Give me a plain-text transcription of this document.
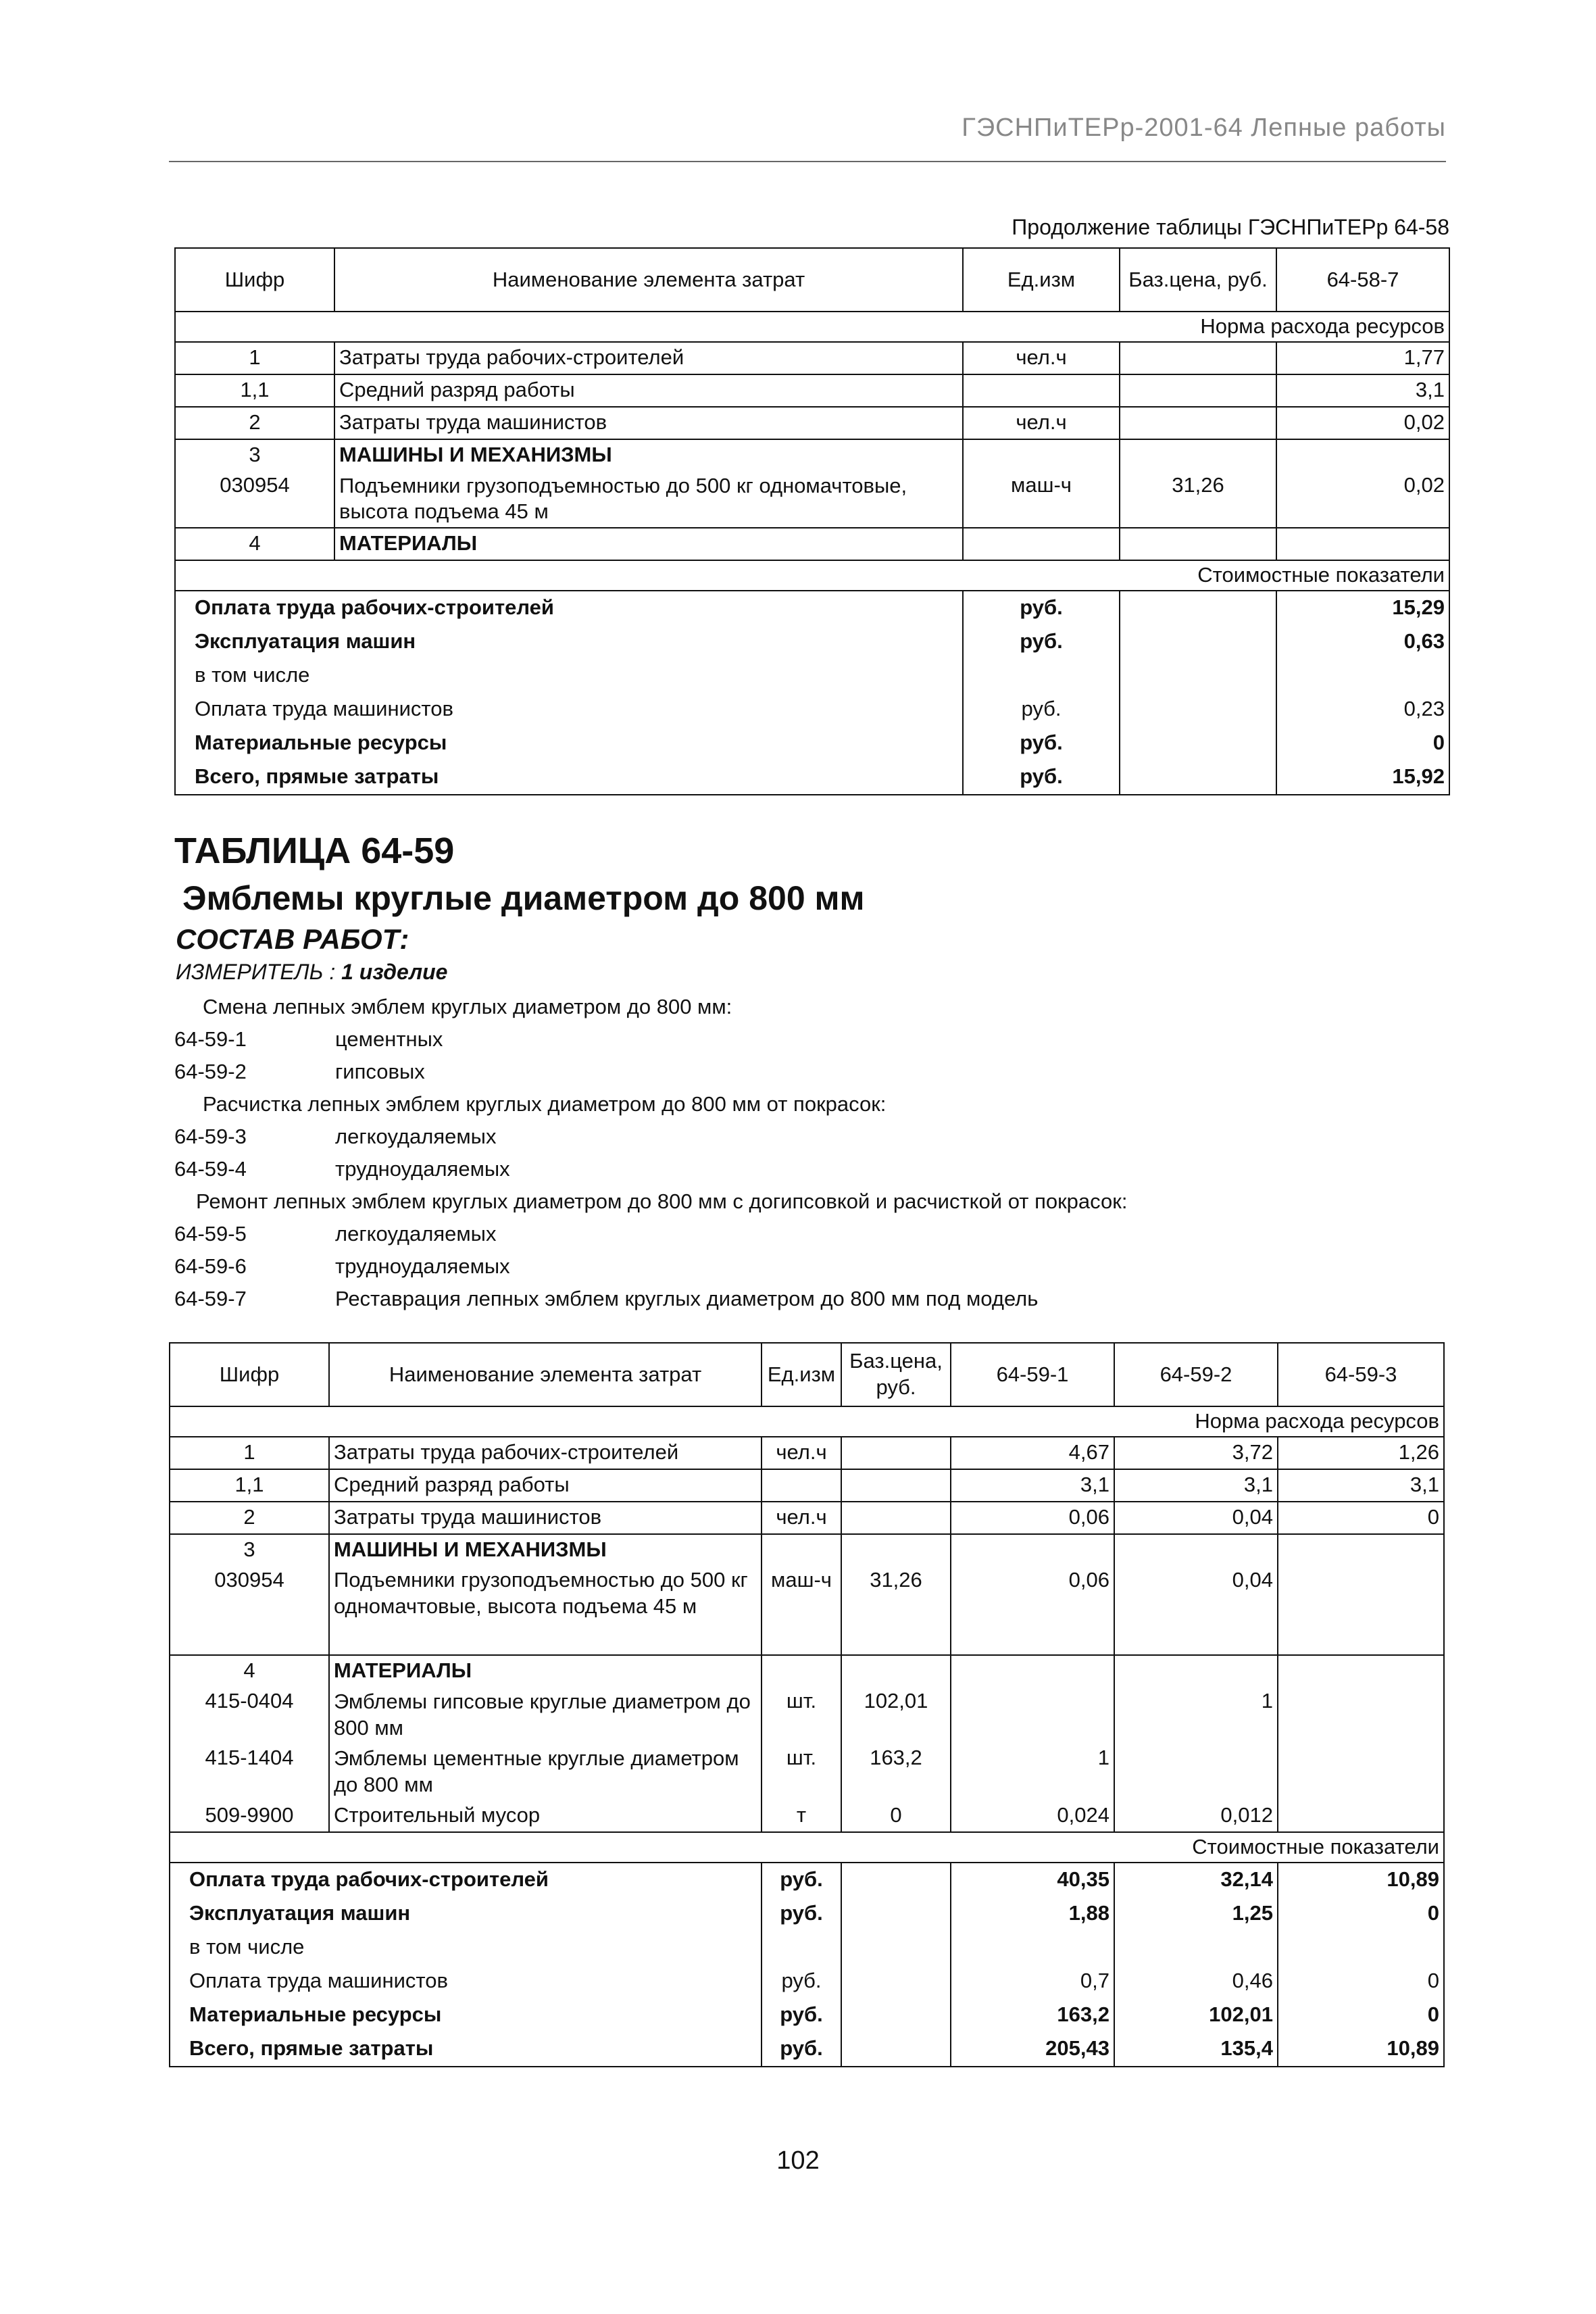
ГЭСНПиТЕРр-2001-64 Лепные работы
Продолжение таблицы ГЭСНПиТЕРр 64-58
Шифр	Наименование элемента затрат	Ед.изм	Баз.цена, руб.	64-58-7
Норма расхода ресурсов				
1	Затраты труда рабочих-строителей	чел.ч		1,77
1,1	Средний разряд работы			3,1
2	Затраты труда машинистов	чел.ч		0,02
3	МАШИНЫ И МЕХАНИЗМЫ			
030954	Подъемники грузоподъемностью до 500 кг одномачтовые, высота подъема 45 м	маш-ч	31,26	0,02
4	МАТЕРИАЛЫ			
Стоимостные показатели				
Оплата труда рабочих-строителей		руб.		15,29
Эксплуатация машин		руб.		0,63
в том числе				
Оплата труда машинистов		руб.		0,23
Материальные ресурсы		руб.		0
Всего, прямые затраты		руб.		15,92
ТАБЛИЦА 64-59
Эмблемы круглые диаметром до 800 мм
СОСТАВ РАБОТ:
ИЗМЕРИТЕЛЬ : 1 изделие
Смена лепных эмблем круглых диаметром до 800 мм:
64-59-1	цементных
64-59-2	гипсовых
Расчистка лепных эмблем круглых диаметром до 800 мм от покрасок:
64-59-3	легкоудаляемых
64-59-4	трудноудаляемых
Ремонт лепных эмблем круглых диаметром до 800 мм с догипсовкой и расчисткой от покрасок:
64-59-5	легкоудаляемых
64-59-6	трудноудаляемых
64-59-7	Реставрация лепных эмблем круглых диаметром до 800 мм под модель
Шифр	Наименование элемента затрат	Ед.изм	Баз.цена, руб.	64-59-1	64-59-2	64-59-3
Норма расхода ресурсов						
1	Затраты труда рабочих-строителей	чел.ч		4,67	3,72	1,26
1,1	Средний разряд работы			3,1	3,1	3,1
2	Затраты труда машинистов	чел.ч		0,06	0,04	0
3	МАШИНЫ И МЕХАНИЗМЫ					
030954	Подъемники грузоподъемностью до 500 кг одномачтовые, высота подъема 45 м	маш-ч	31,26	0,06	0,04	
4	МАТЕРИАЛЫ					
415-0404	Эмблемы гипсовые круглые диаметром до 800 мм	шт.	102,01		1	
415-1404	Эмблемы цементные круглые диаметром до 800 мм	шт.	163,2	1		
509-9900	Строительный мусор	т	0	0,024	0,012	
Стоимостные показатели						
Оплата труда рабочих-строителей		руб.		40,35	32,14	10,89
Эксплуатация машин		руб.		1,88	1,25	0
в том числе						
Оплата труда машинистов		руб.		0,7	0,46	0
Материальные ресурсы		руб.		163,2	102,01	0
Всего, прямые затраты		руб.		205,43	135,4	10,89
102
